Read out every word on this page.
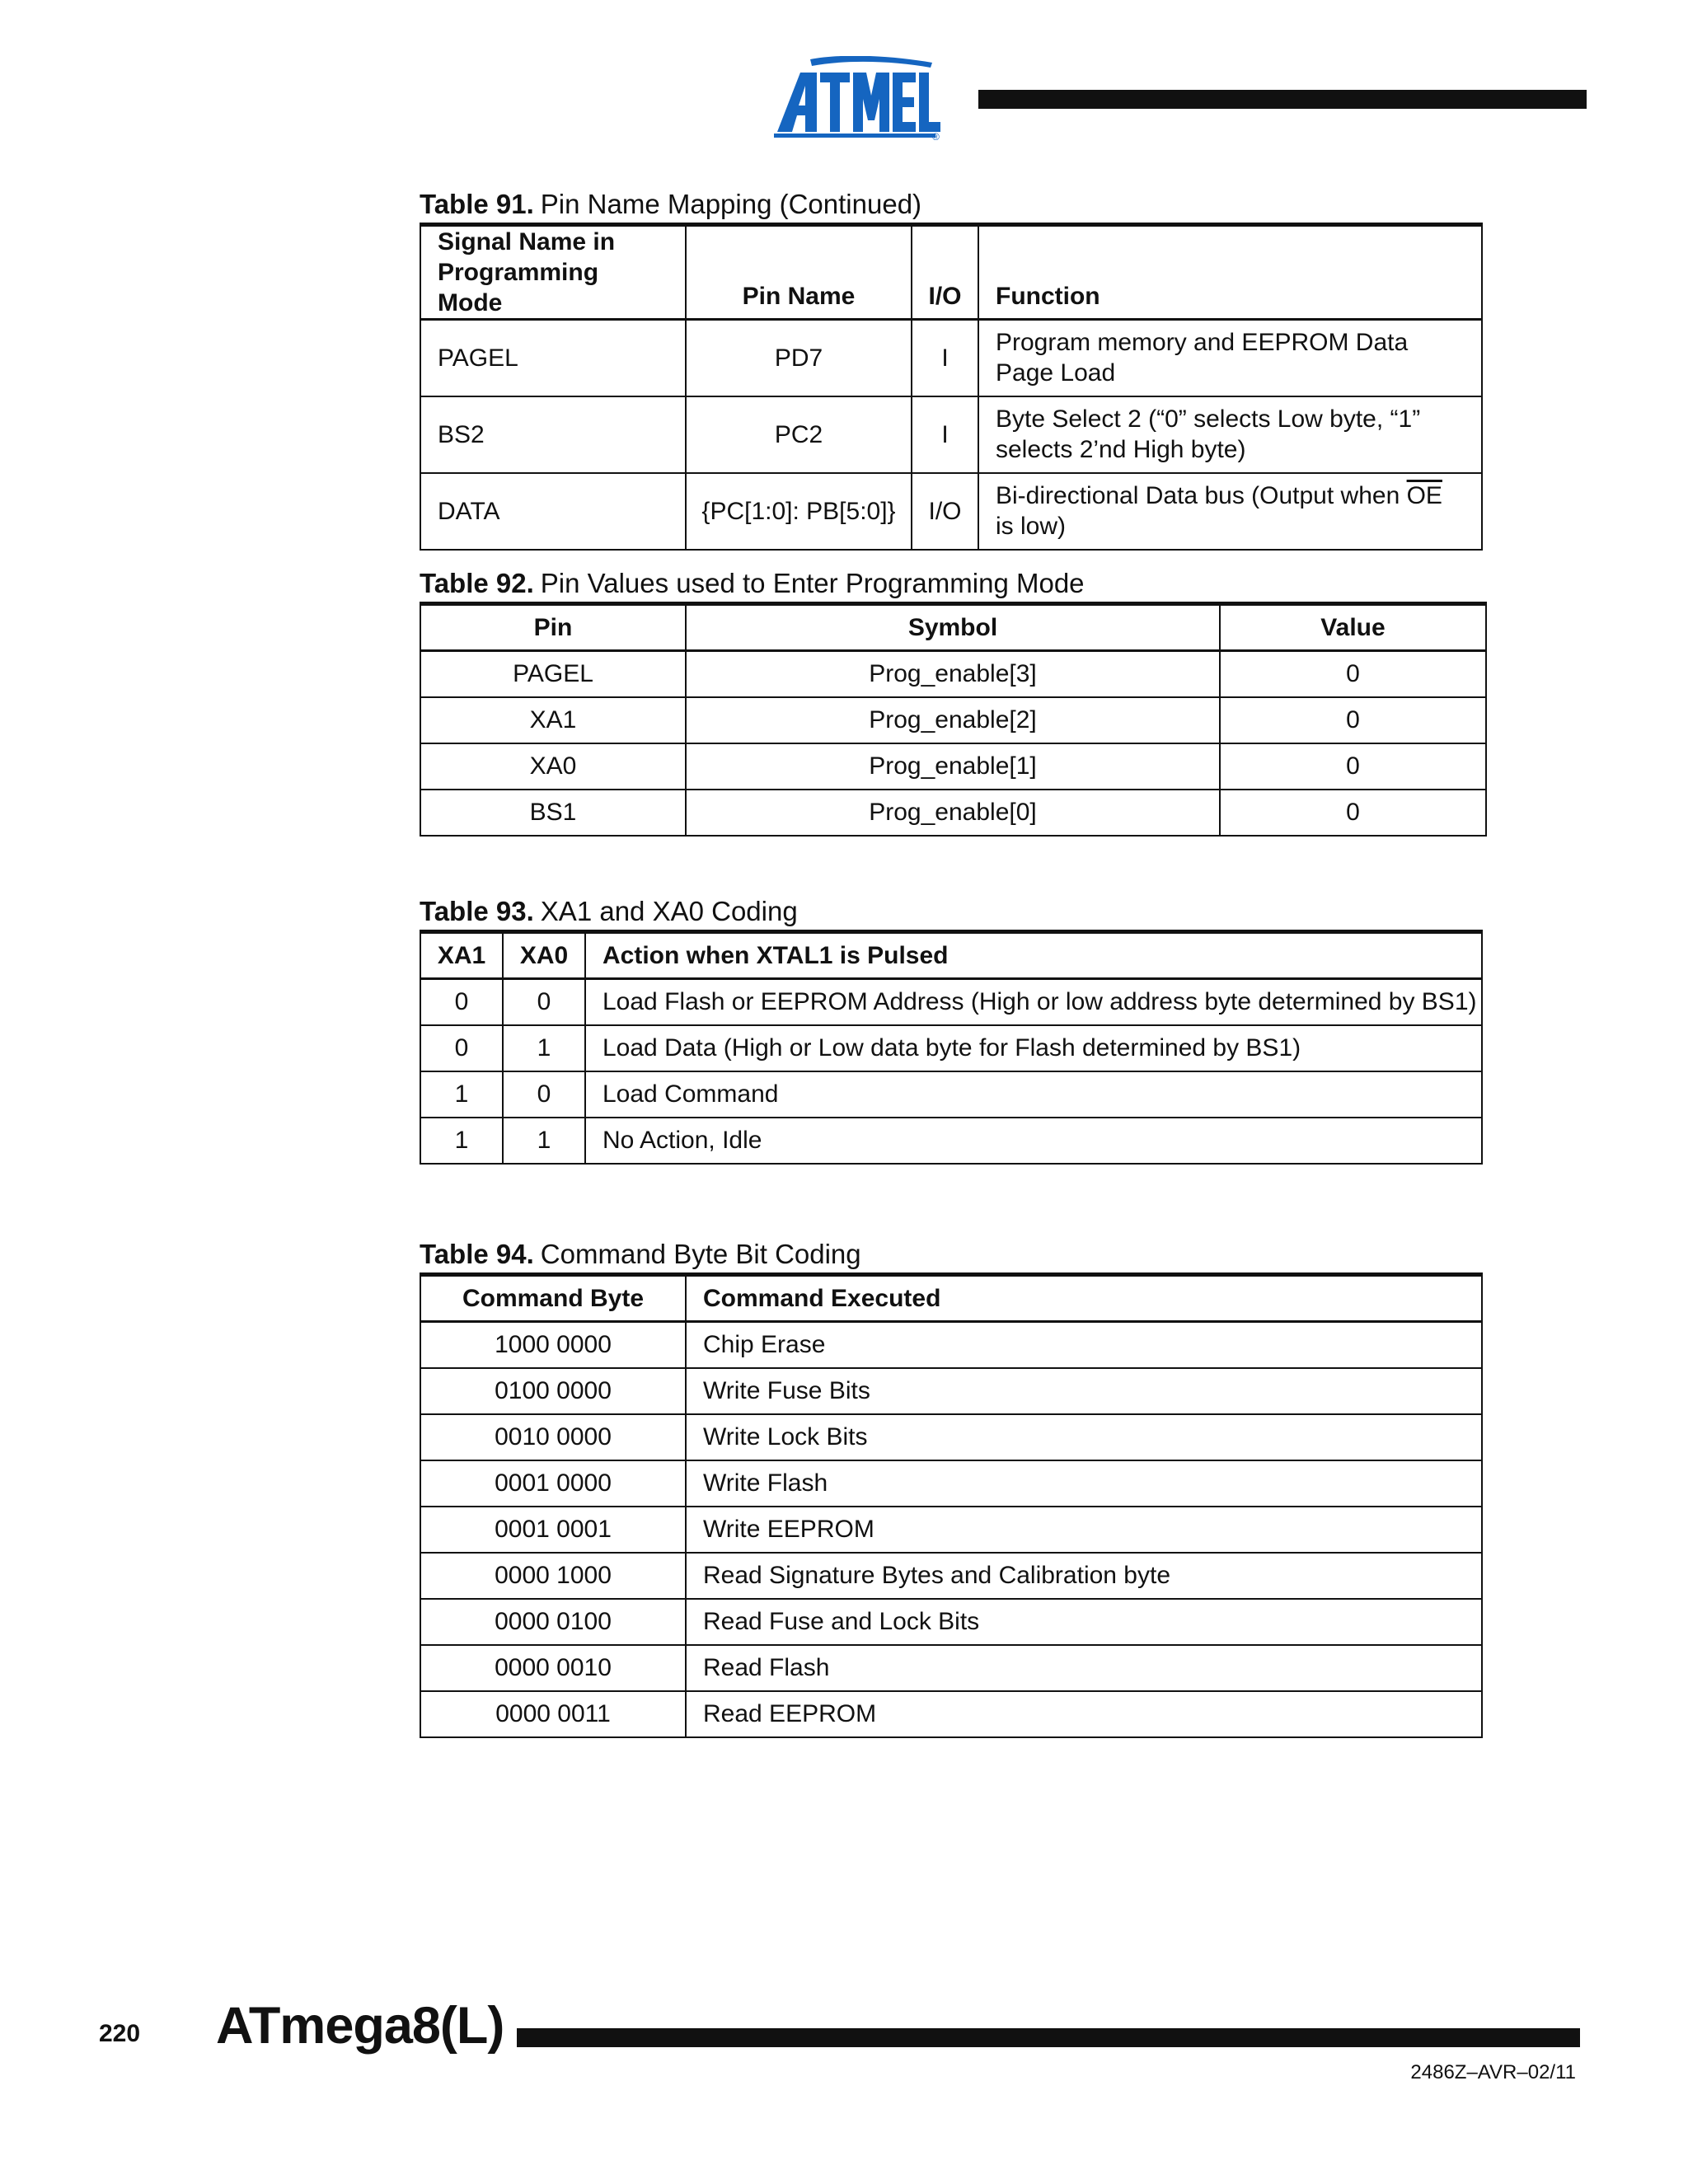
®
Table 91. Pin Name Mapping (Continued)
Signal Name in
Programming Mode	Pin Name	I/O	Function
PAGEL	PD7	I	Program memory and EEPROM Data Page Load
BS2	PC2	I	Byte Select 2 (“0” selects Low byte, “1” selects 2’nd High byte)
DATA	{PC[1:0]: PB[5:0]}	I/O	Bi-directional Data bus (Output when $\overline{OE}$ is low)
Table 92. Pin Values used to Enter Programming Mode
Pin	Symbol	Value
PAGEL	Prog_enable[3]	0
XA1	Prog_enable[2]	0
XA0	Prog_enable[1]	0
BS1	Prog_enable[0]	0
Table 93. XA1 and XA0 Coding
XA1	XA0	Action when XTAL1 is Pulsed
0	0	Load Flash or EEPROM Address (High or low address byte determined by BS1)
0	1	Load Data (High or Low data byte for Flash determined by BS1)
1	0	Load Command
1	1	No Action, Idle
Table 94. Command Byte Bit Coding
Command Byte	Command Executed
1000 0000	Chip Erase
0100 0000	Write Fuse Bits
0010 0000	Write Lock Bits
0001 0000	Write Flash
0001 0001	Write EEPROM
0000 1000	Read Signature Bytes and Calibration byte
0000 0100	Read Fuse and Lock Bits
0000 0010	Read Flash
0000 0011	Read EEPROM
220 ATmega8(L)
2486Z–AVR–02/11
